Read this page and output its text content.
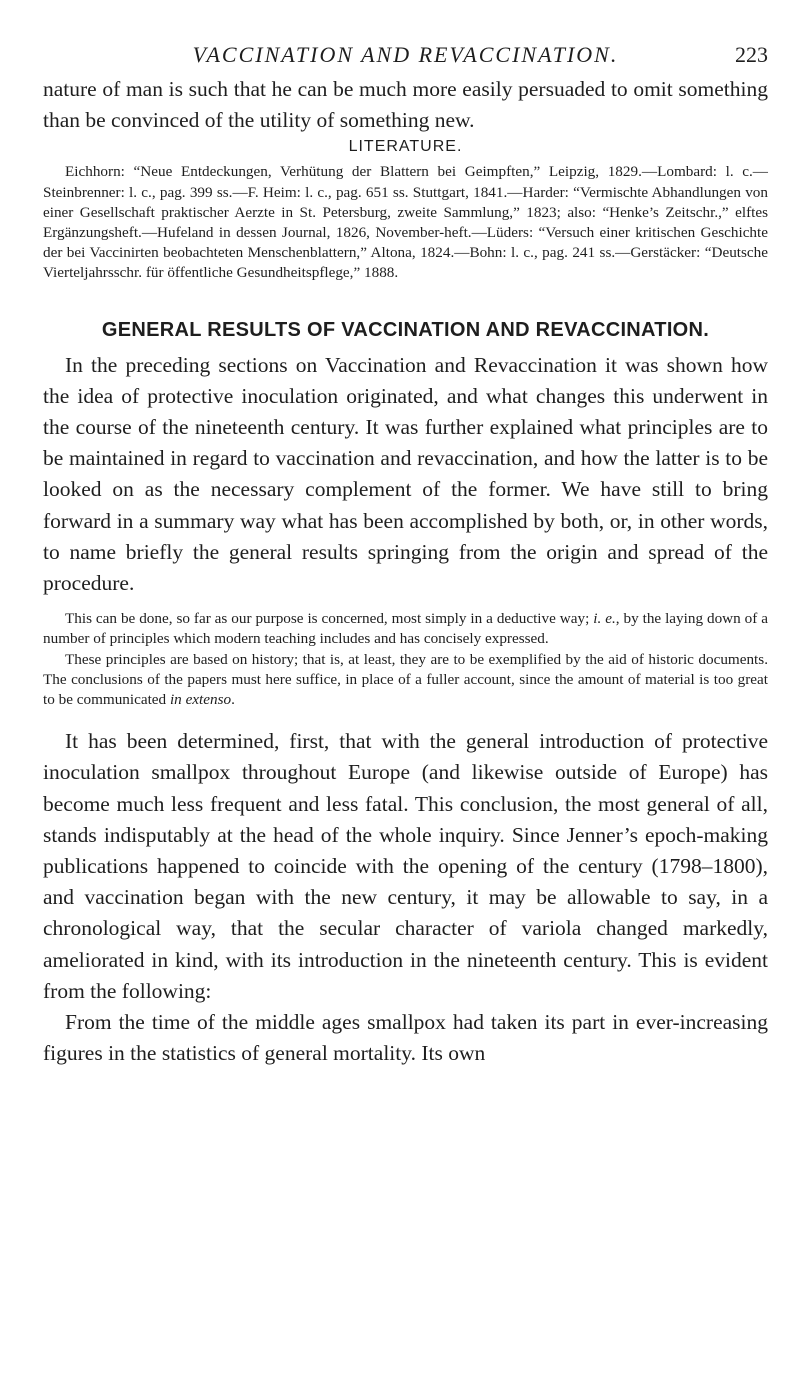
VACCINATION AND REVACCINATION.	223

nature of man is such that he can be much more easily persuaded to omit something than be convinced of the utility of something new.

LITERATURE.

Eichhorn: “Neue Entdeckungen, Verhütung der Blattern bei Geimpften,” Leipzig, 1829.—Lombard: l. c.—Steinbrenner: l. c., pag. 399 ss.—F. Heim: l. c., pag. 651 ss. Stuttgart, 1841.—Harder: “Vermischte Abhandlungen von einer Gesellschaft praktischer Aerzte in St. Petersburg, zweite Sammlung,” 1823; also: “Henke’s Zeitschr.,” elftes Ergänzungsheft.—Hufeland in dessen Journal, 1826, November-heft.—Lüders: “Versuch einer kritischen Geschichte der bei Vaccinirten beobachteten Menschenblattern,” Altona, 1824.—Bohn: l. c., pag. 241 ss.—Gerstäcker: “Deutsche Vierteljahrsschr. für öffentliche Gesundheitspflege,” 1888.

GENERAL RESULTS OF VACCINATION AND REVACCINATION.

In the preceding sections on Vaccination and Revaccination it was shown how the idea of protective inoculation originated, and what changes this underwent in the course of the nineteenth century. It was further explained what principles are to be maintained in regard to vaccination and revaccination, and how the latter is to be looked on as the necessary complement of the former. We have still to bring forward in a summary way what has been accomplished by both, or, in other words, to name briefly the general results springing from the origin and spread of the procedure.

This can be done, so far as our purpose is concerned, most simply in a deductive way; i. e., by the laying down of a number of principles which modern teaching includes and has concisely expressed.

These principles are based on history; that is, at least, they are to be exemplified by the aid of historic documents. The conclusions of the papers must here suffice, in place of a fuller account, since the amount of material is too great to be communicated in extenso.

It has been determined, first, that with the general introduction of protective inoculation smallpox throughout Europe (and likewise outside of Europe) has become much less frequent and less fatal. This conclusion, the most general of all, stands indisputably at the head of the whole inquiry. Since Jenner’s epoch-making publications happened to coincide with the opening of the century (1798–1800), and vaccination began with the new century, it may be allowable to say, in a chronological way, that the secular character of variola changed markedly, ameliorated in kind, with its introduction in the nineteenth century. This is evident from the following:

From the time of the middle ages smallpox had taken its part in ever-increasing figures in the statistics of general mortality. Its own
